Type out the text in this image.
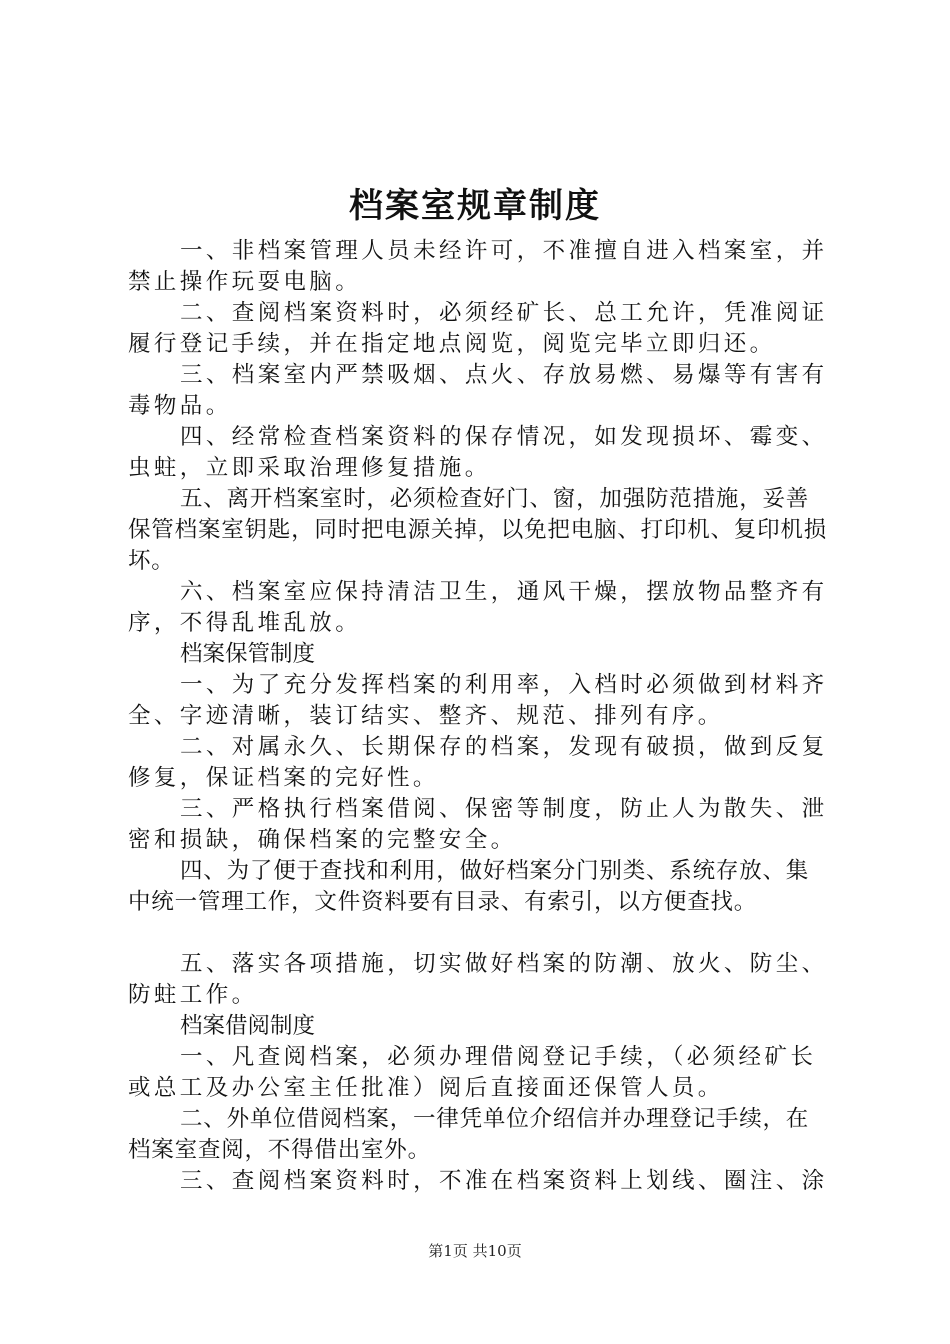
档案室规章制度

一、非档案管理人员未经许可，不准擅自进入档案室，并禁止操作玩耍电脑。

二、查阅档案资料时，必须经矿长、总工允许，凭准阅证履行登记手续，并在指定地点阅览，阅览完毕立即归还。

三、档案室内严禁吸烟、点火、存放易燃、易爆等有害有毒物品。

四、经常检查档案资料的保存情况，如发现损坏、霉变、虫蛀，立即采取治理修复措施。

五、离开档案室时，必须检查好门、窗，加强防范措施，妥善保管档案室钥匙，同时把电源关掉，以免把电脑、打印机、复印机损坏。

六、档案室应保持清洁卫生，通风干燥，摆放物品整齐有序，不得乱堆乱放。

档案保管制度

一、为了充分发挥档案的利用率，入档时必须做到材料齐全、字迹清晰，装订结实、整齐、规范、排列有序。

二、对属永久、长期保存的档案，发现有破损，做到反复修复，保证档案的完好性。

三、严格执行档案借阅、保密等制度，防止人为散失、泄密和损缺，确保档案的完整安全。

四、为了便于查找和利用，做好档案分门别类、系统存放、集中统一管理工作，文件资料要有目录、有索引，以方便查找。

五、落实各项措施，切实做好档案的防潮、放火、防尘、防蛀工作。

档案借阅制度

一、凡查阅档案，必须办理借阅登记手续，（必须经矿长或总工及办公室主任批准）阅后直接面还保管人员。

二、外单位借阅档案，一律凭单位介绍信并办理登记手续，在档案室查阅，不得借出室外。

三、查阅档案资料时，不准在档案资料上划线、圈注、涂

第1页 共10页
